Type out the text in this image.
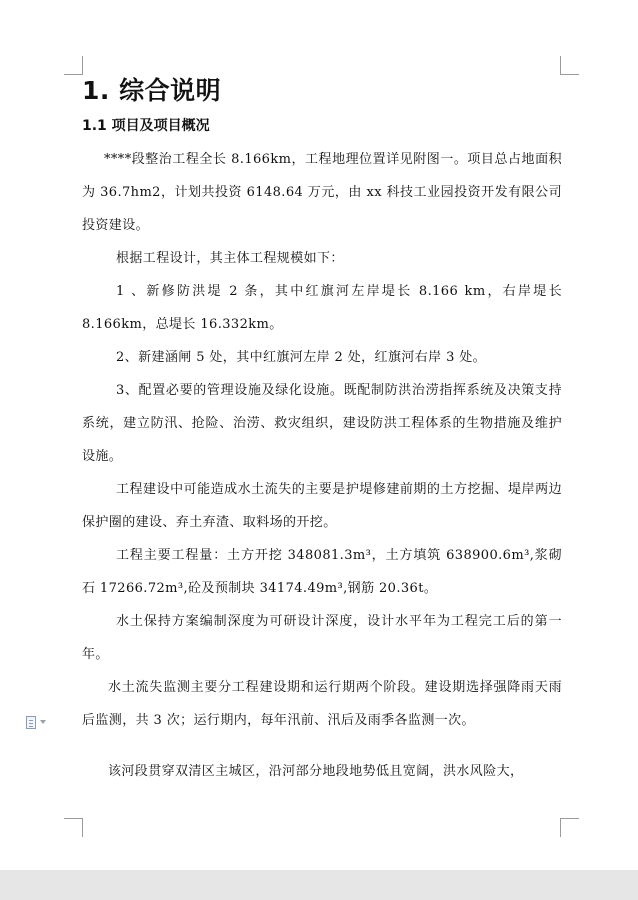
1. 综合说明
1.1 项目及项目概况

****段整治工程全长 8.166km，工程地理位置详见附图一。项目总占地面积为 36.7hm2，计划共投资 6148.64 万元，由 xx 科技工业园投资开发有限公司投资建设。

根据工程设计，其主体工程规模如下：

1 、新修防洪堤 2 条，其中红旗河左岸堤长 8.166 km，右岸堤长 8.166km，总堤长 16.332km。

2、新建涵闸 5 处，其中红旗河左岸 2 处，红旗河右岸 3 处。

3、配置必要的管理设施及绿化设施。既配制防洪治涝指挥系统及决策支持系统，建立防汛、抢险、治涝、救灾组织，建设防洪工程体系的生物措施及维护设施。

工程建设中可能造成水土流失的主要是护堤修建前期的土方挖掘、堤岸两边保护圈的建设、弃土弃渣、取料场的开挖。

工程主要工程量：土方开挖 348081.3m³，土方填筑 638900.6m³,浆砌石 17266.72m³,砼及预制块 34174.49m³,钢筋 20.36t。

水土保持方案编制深度为可研设计深度，设计水平年为工程完工后的第一年。

水土流失监测主要分工程建设期和运行期两个阶段。建设期选择强降雨天雨后监测，共 3 次；运行期内，每年汛前、汛后及雨季各监测一次。

该河段贯穿双清区主城区，沿河部分地段地势低且宽阔，洪水风险大，
